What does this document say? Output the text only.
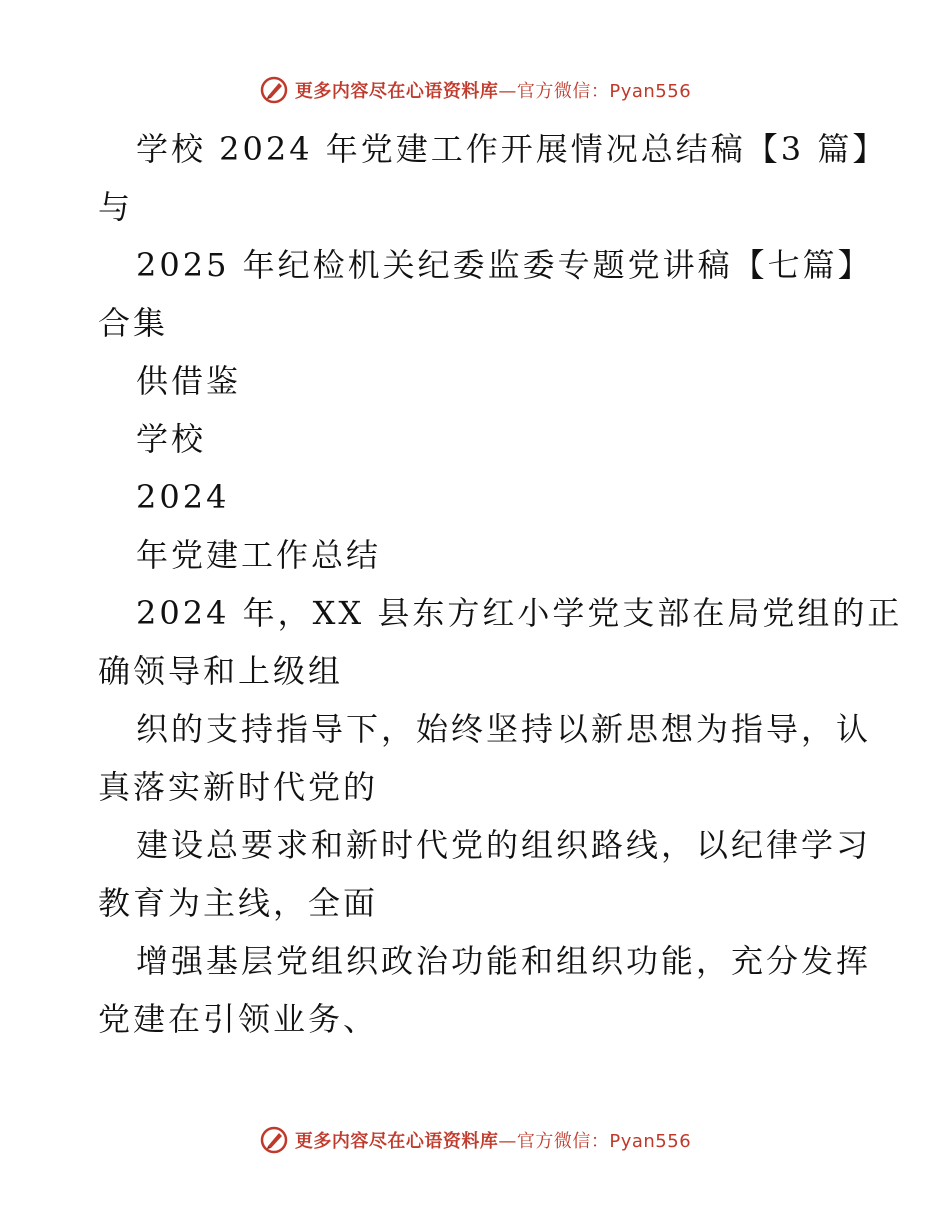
更多内容尽在心语资料库—官方微信：Pyan556
学校 2024 年党建工作开展情况总结稿【3 篇】
与
2025 年纪检机关纪委监委专题党讲稿【七篇】
合集
供借鉴
学校
2024
年党建工作总结
2024 年，XX 县东方红小学党支部在局党组的正
确领导和上级组
织的支持指导下，始终坚持以新思想为指导，认
真落实新时代党的
建设总要求和新时代党的组织路线，以纪律学习
教育为主线，全面
增强基层党组织政治功能和组织功能，充分发挥
党建在引领业务、
更多内容尽在心语资料库—官方微信：Pyan556
